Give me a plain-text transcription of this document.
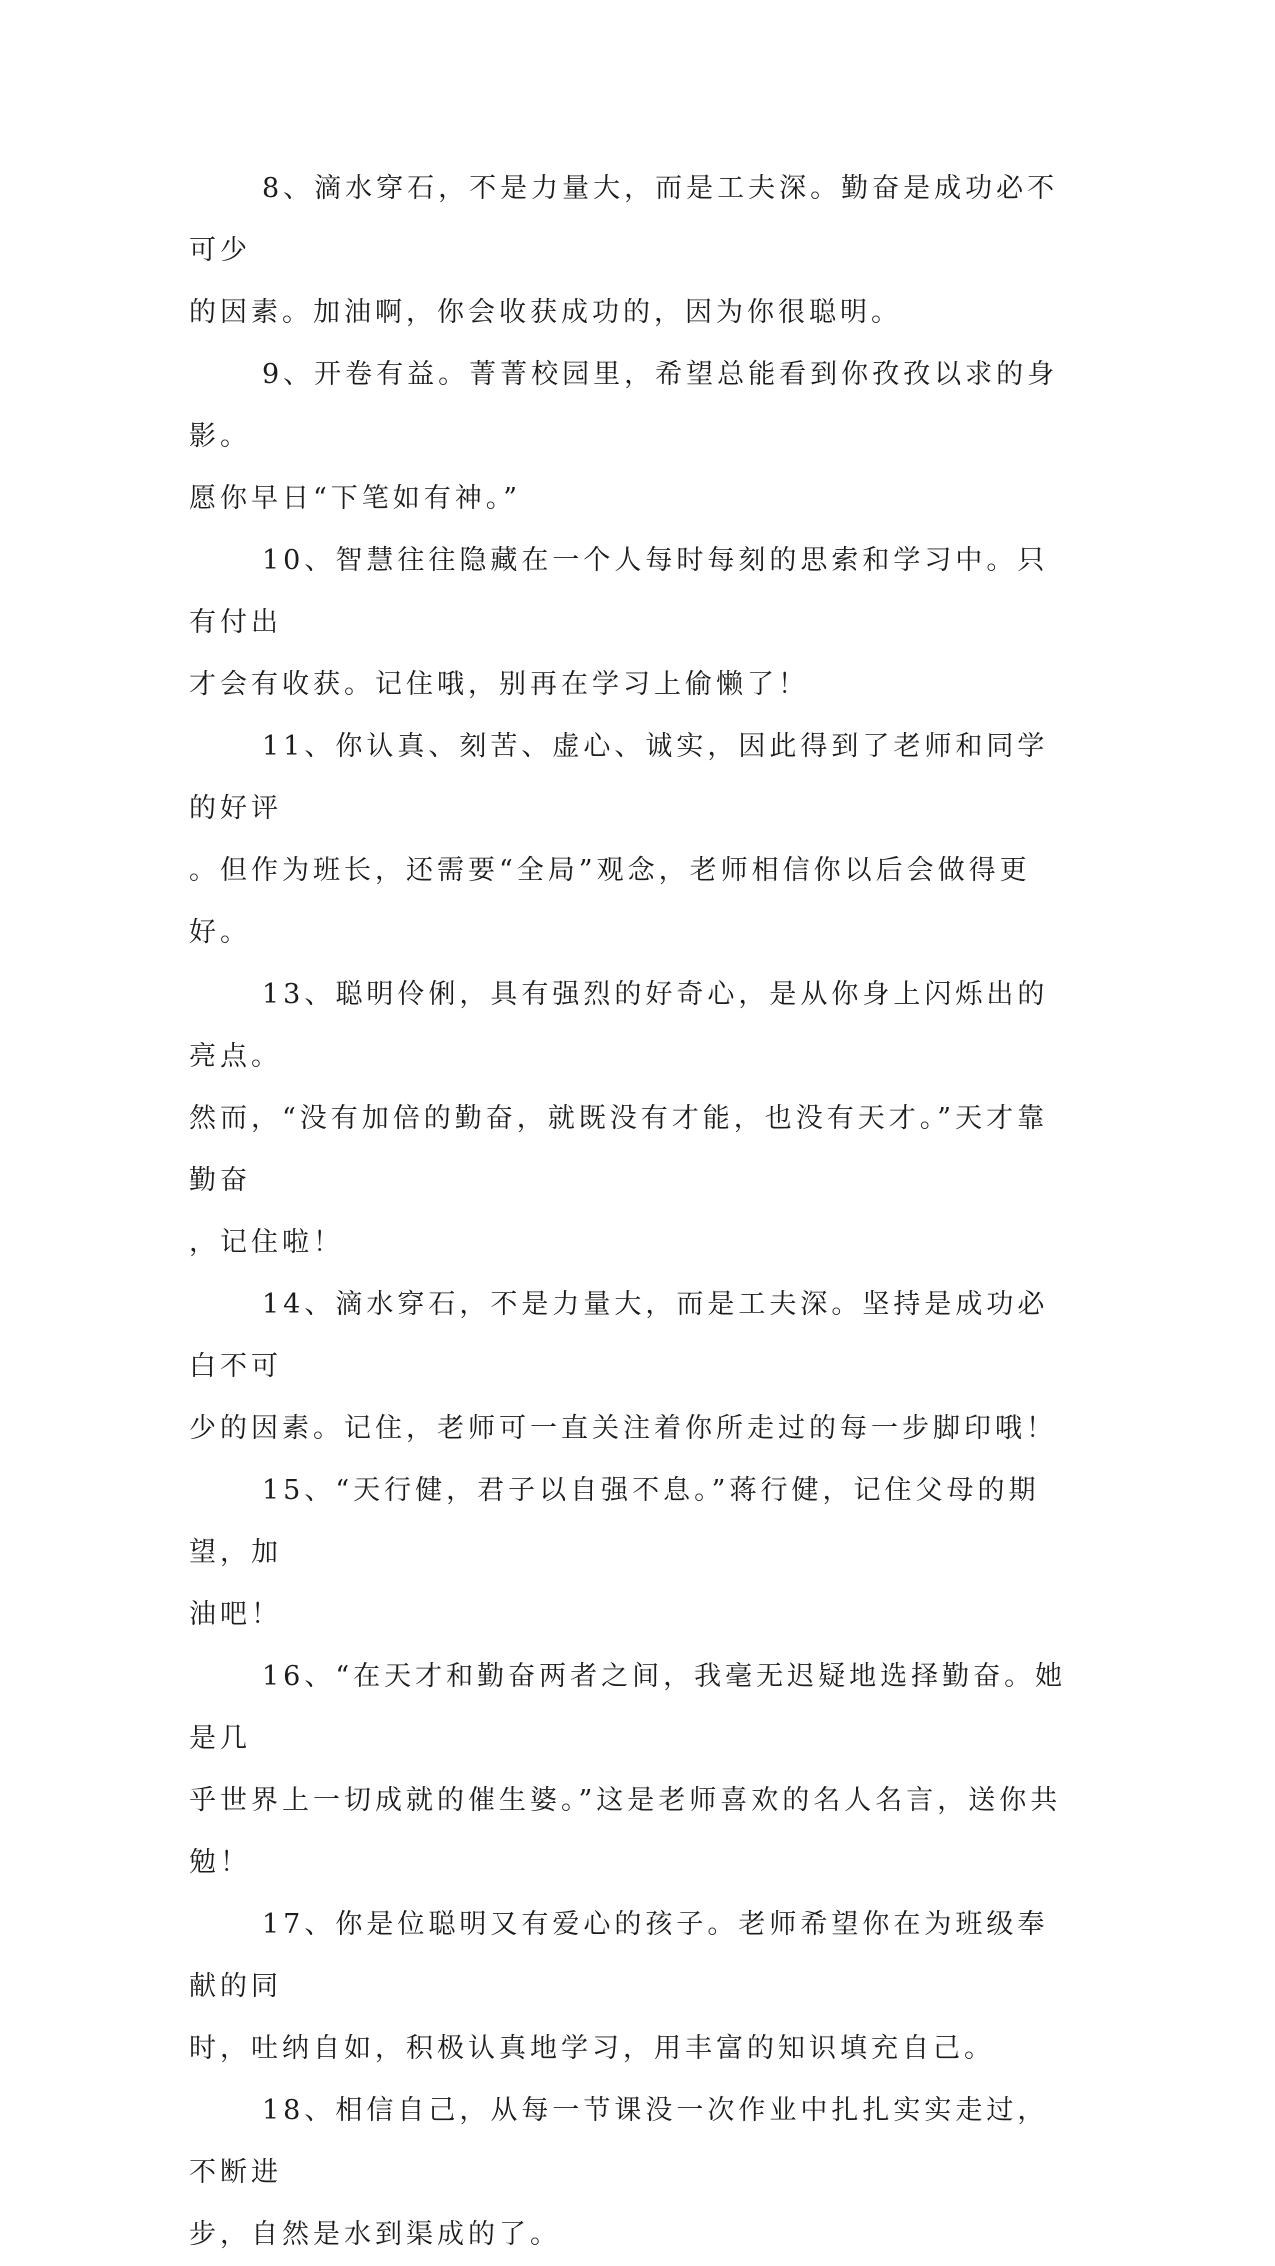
8、滴水穿石，不是力量大，而是工夫深。勤奋是成功必不可少
的因素。加油啊，你会收获成功的，因为你很聪明。

9、开卷有益。菁菁校园里，希望总能看到你孜孜以求的身影。
愿你早日“下笔如有神。”

10、智慧往往隐藏在一个人每时每刻的思索和学习中。只有付出
才会有收获。记住哦，别再在学习上偷懒了！

11、你认真、刻苦、虚心、诚实，因此得到了老师和同学的好评
。但作为班长，还需要“全局”观念，老师相信你以后会做得更好。

13、聪明伶俐，具有强烈的好奇心，是从你身上闪烁出的亮点。
然而，“没有加倍的勤奋，就既没有才能，也没有天才。”天才靠勤奋
，记住啦！

14、滴水穿石，不是力量大，而是工夫深。坚持是成功必白不可
少的因素。记住，老师可一直关注着你所走过的每一步脚印哦！

15、“天行健，君子以自强不息。”蒋行健，记住父母的期望，加
油吧！

16、“在天才和勤奋两者之间，我毫无迟疑地选择勤奋。她是几
乎世界上一切成就的催生婆。”这是老师喜欢的名人名言，送你共勉！

17、你是位聪明又有爱心的孩子。老师希望你在为班级奉献的同
时，吐纳自如，积极认真地学习，用丰富的知识填充自己。

18、相信自己，从每一节课没一次作业中扎扎实实走过，不断进
步，自然是水到渠成的了。
